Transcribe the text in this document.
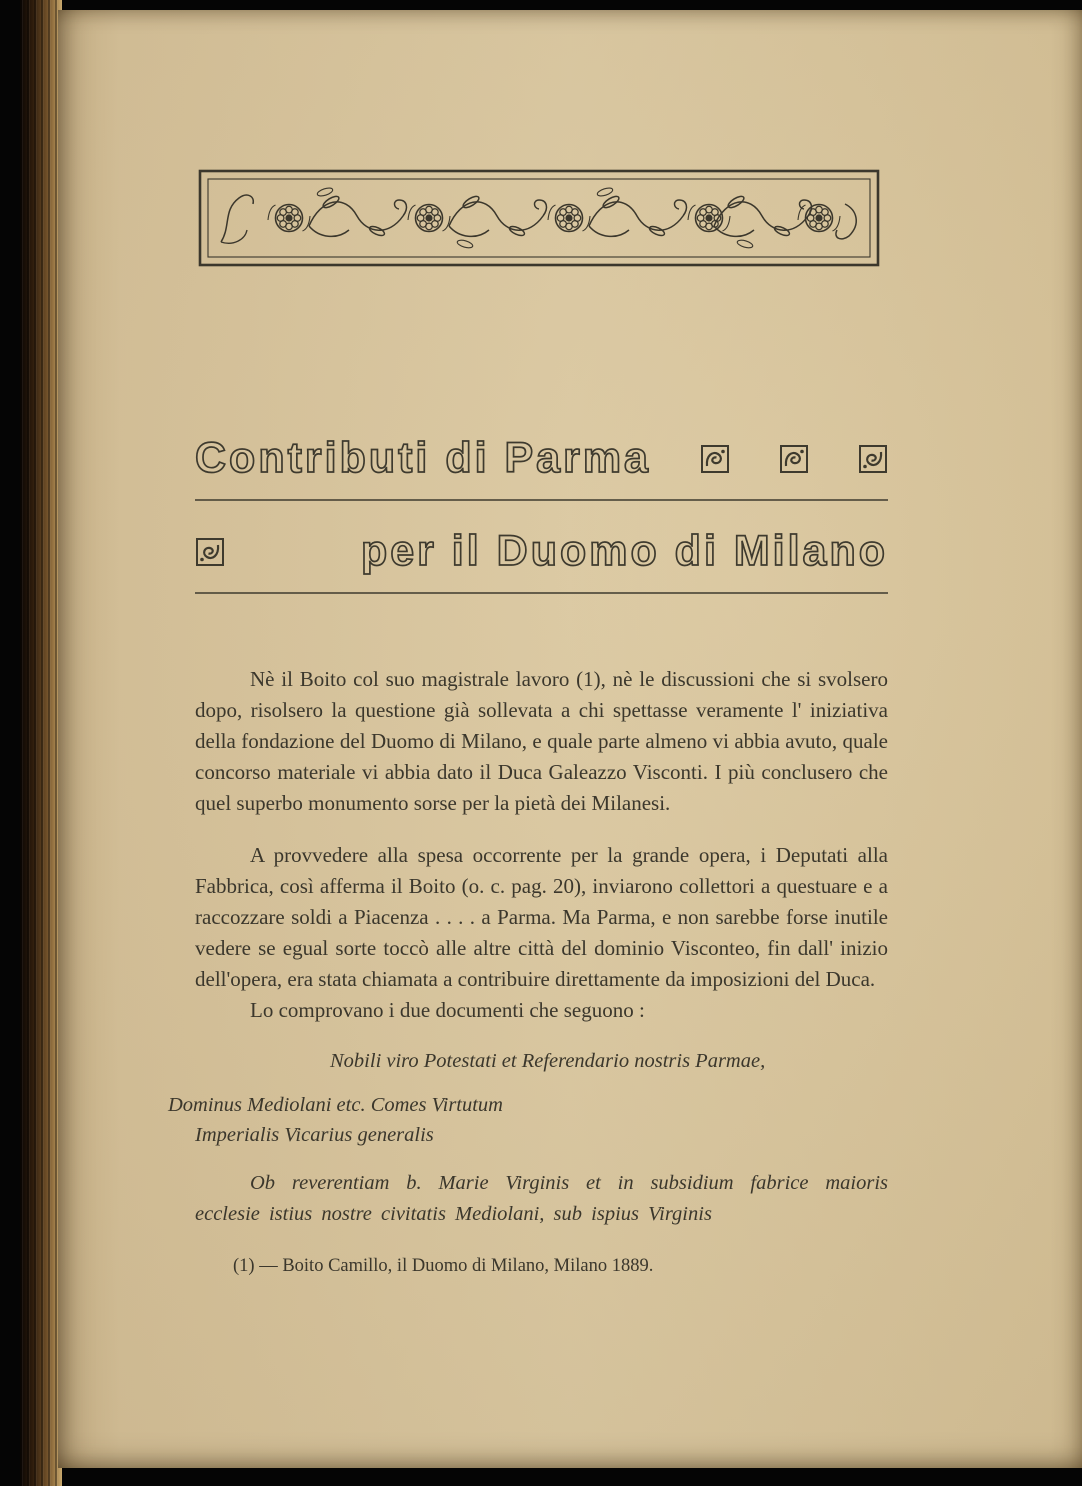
Contributi di Parma
per il Duomo di Milano

Nè il Boito col suo magistrale lavoro (1), nè le discussioni che si svolsero dopo, risolsero la questione già sollevata a chi spettasse veramente l' iniziativa della fondazione del Duomo di Milano, e quale parte almeno vi abbia avuto, quale concorso materiale vi abbia dato il Duca Galeazzo Visconti. I più conclusero che quel superbo monumento sorse per la pietà dei Milanesi.

A provvedere alla spesa occorrente per la grande opera, i Deputati alla Fabbrica, così afferma il Boito (o. c. pag. 20), inviarono collettori a questuare e a raccozzare soldi a Piacenza . . . . a Parma. Ma Parma, e non sarebbe forse inutile vedere se egual sorte toccò alle altre città del dominio Visconteo, fin dall' inizio dell'opera, era stata chiamata a contribuire direttamente da imposizioni del Duca.

Lo comprovano i due documenti che seguono :

Nobili viro Potestati et Referendario nostris Parmae,

Dominus Mediolani etc. Comes Virtutum

Imperialis Vicarius generalis

Ob reverentiam b. Marie Virginis et in subsidium fabrice maioris ecclesie istius nostre civitatis Mediolani, sub ispius Virginis

(1) — Boito Camillo, il Duomo di Milano, Milano 1889.
